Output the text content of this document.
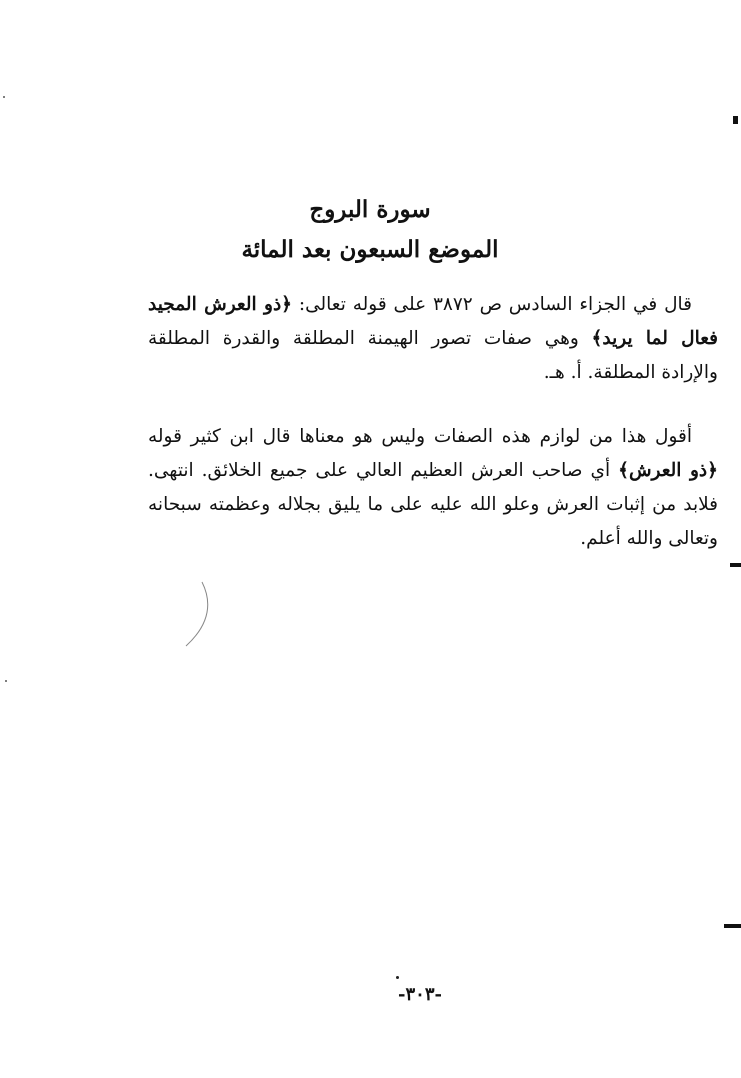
سورة البروج
الموضع السبعون بعد المائة
قال في الجزاء السادس ص ٣٨٧٢ على قوله تعالى: ﴿ذو العرش المجيد فعال لما يريد﴾ وهي صفات تصور الهيمنة المطلقة والقدرة المطلقة والإرادة المطلقة. أ. هـ.
أقول هذا من لوازم هذه الصفات وليس هو معناها قال ابن كثير قوله ﴿ذو العرش﴾ أي صاحب العرش العظيم العالي على جميع الخلائق. انتهى. فلابد من إثبات العرش وعلو الله عليه على ما يليق بجلاله وعظمته سبحانه وتعالى والله أعلم.
-٣٠٣-
